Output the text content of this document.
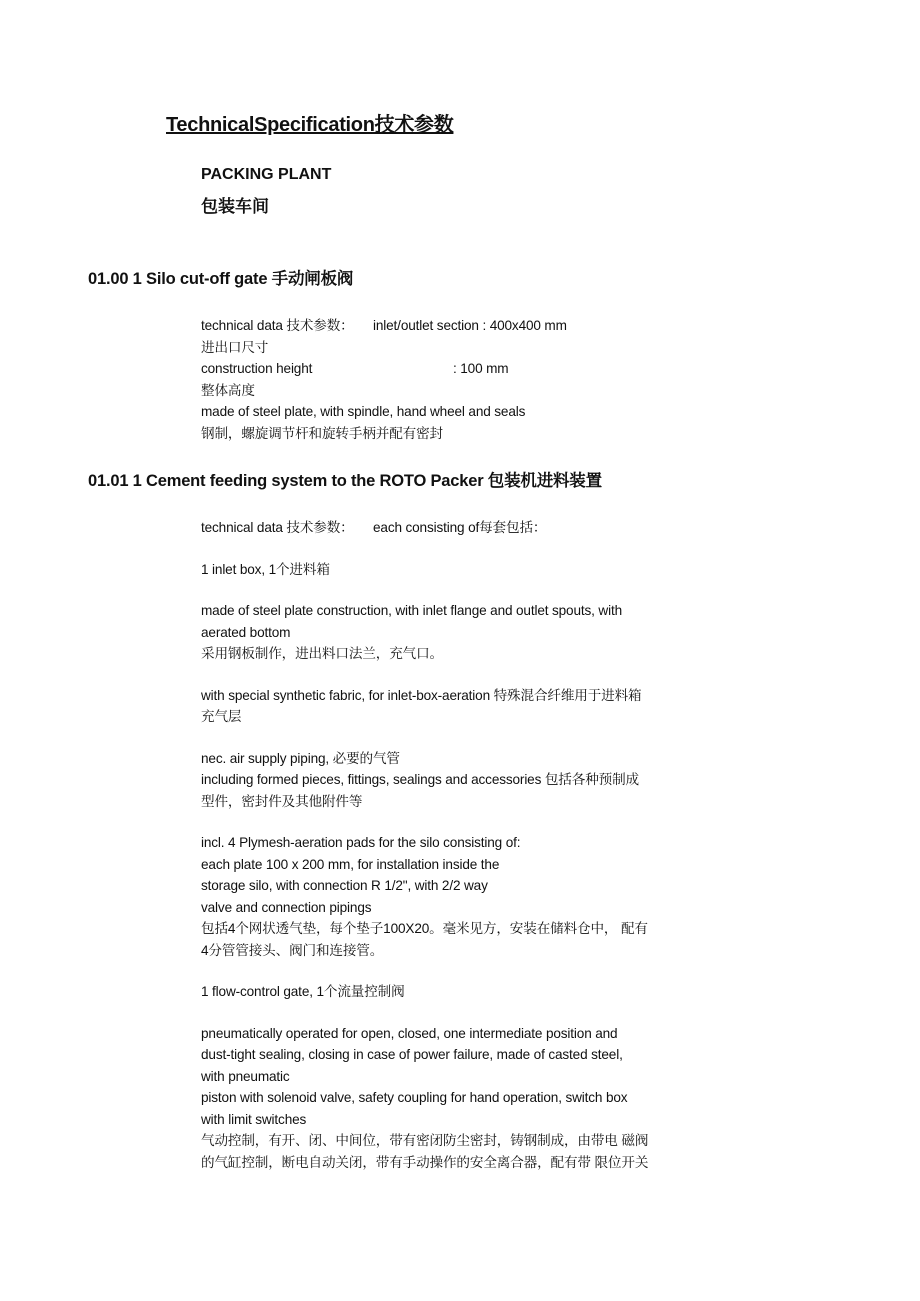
TechnicalSpecification技术参数
PACKING PLANT
包装车间
01.00 1 Silo cut-off gate 手动闸板阀
technical data 技术参数： inlet/outlet section : 400x400 mm
进出口尺寸
construction height	: 100 mm
整体高度
made of steel plate, with spindle, hand wheel and seals
钢制，螺旋调节杆和旋转手柄并配有密封
01.01 1 Cement feeding system to the ROTO Packer 包装机进料装置
technical data 技术参数： each consisting of每套包括：
1 inlet box, 1个进料箱
made of steel plate construction, with inlet flange and outlet spouts, with
aerated bottom
采用钢板制作，进出料口法兰，充气口。
with special synthetic fabric, for inlet-box-aeration 特殊混合纤维用于进料箱
充气层
nec. air supply piping, 必要的气管
including formed pieces, fittings, sealings and accessories 包括各种预制成
型件，密封件及其他附件等
incl. 4 Plymesh-aeration pads for the silo consisting of:
each plate 100 x 200 mm, for installation inside the
storage silo, with connection R 1/2", with 2/2 way
valve and connection pipings
包括4个网状透气垫，每个垫子100X20。毫米见方，安装在储料仓中， 配有
4分管管接头、阀门和连接管。
1 flow-control gate, 1个流量控制阀
pneumatically operated for open, closed, one intermediate position and
dust-tight sealing, closing in case of power failure, made of casted steel,
with pneumatic
piston with solenoid valve, safety coupling for hand operation, switch box
with limit switches
气动控制，有开、闭、中间位，带有密闭防尘密封，铸钢制成，由带电 磁阀
的气缸控制，断电自动关闭，带有手动操作的安全离合器，配有带 限位开关
